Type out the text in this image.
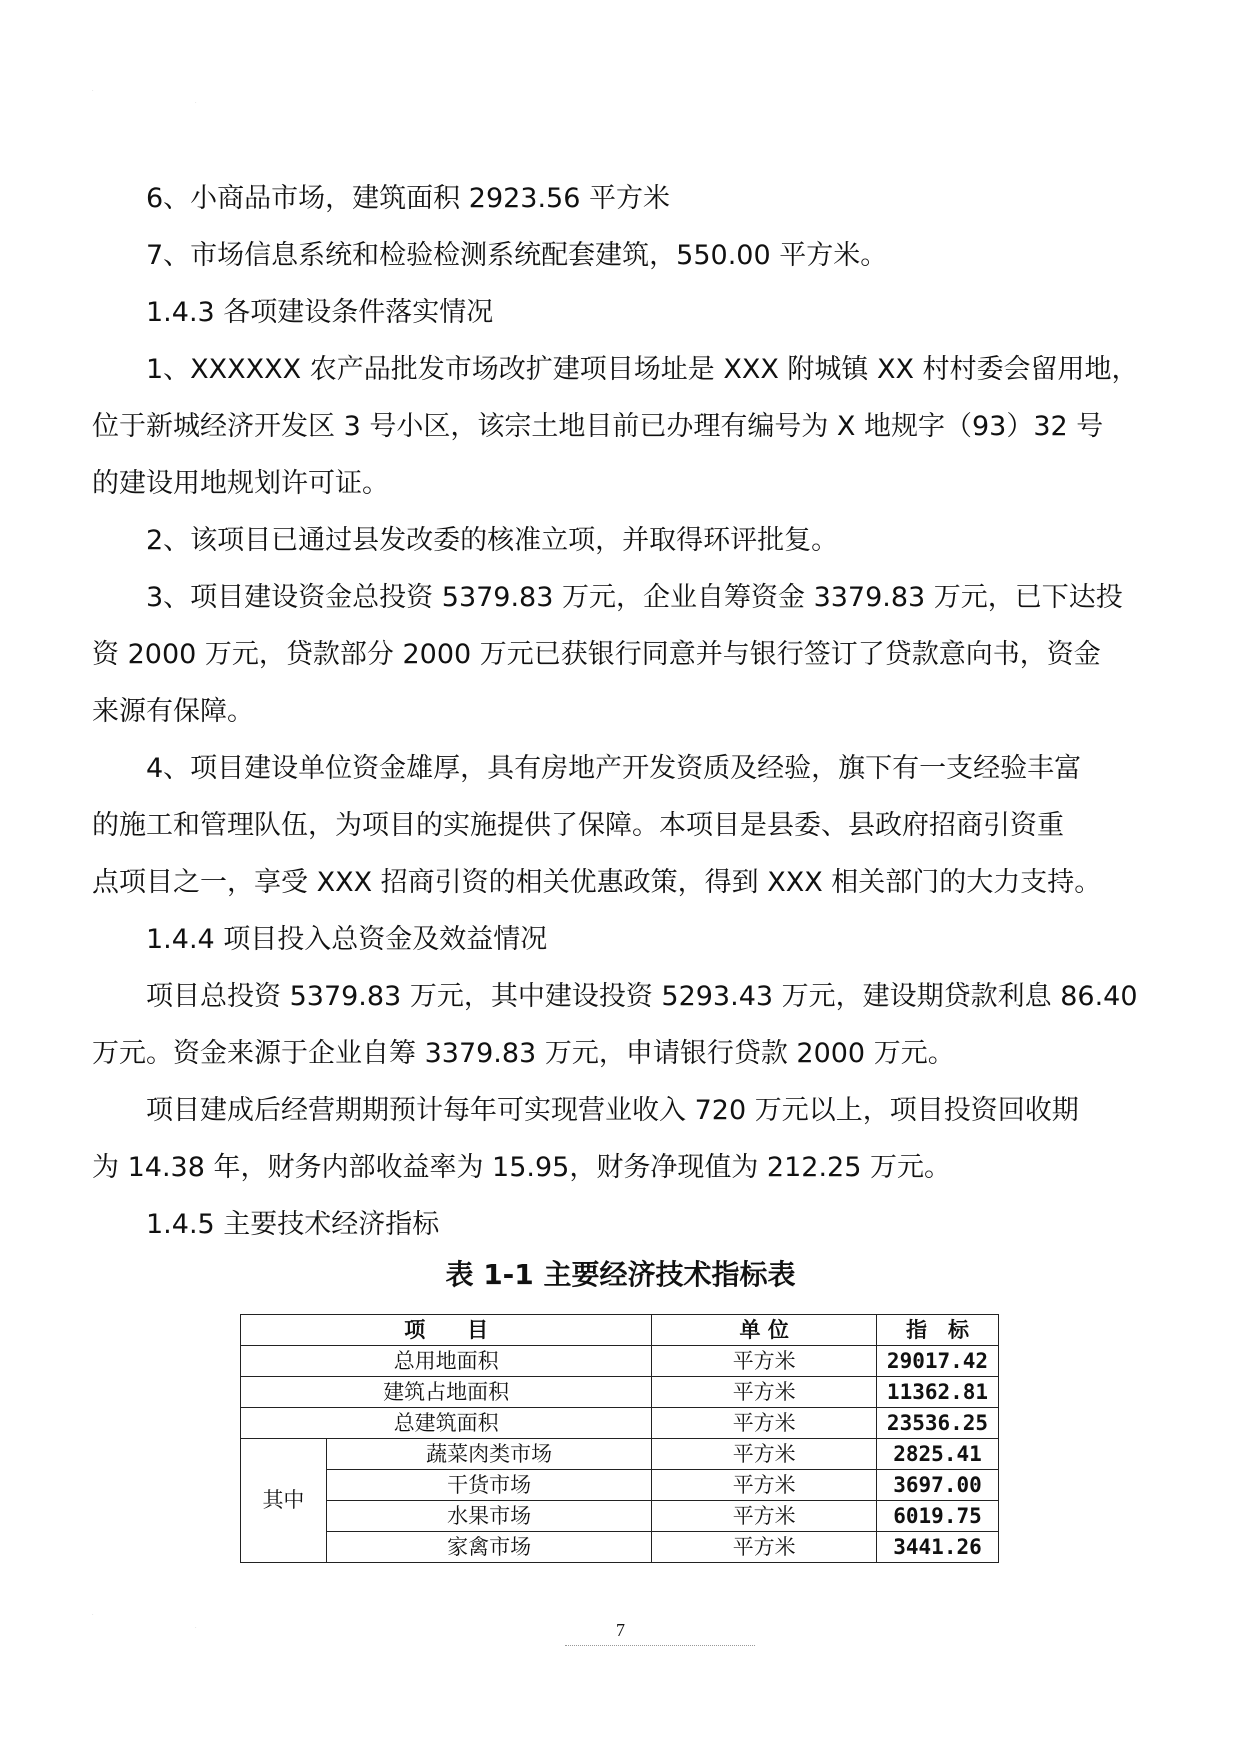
·
·

6、小商品市场，建筑面积 2923.56 平方米

7、市场信息系统和检验检测系统配套建筑，550.00 平方米。

1.4.3 各项建设条件落实情况

1、XXXXXX 农产品批发市场改扩建项目场址是 XXX 附城镇 XX 村村委会留用地，
位于新城经济开发区 3 号小区，该宗土地目前已办理有编号为 X 地规字（93）32 号
的建设用地规划许可证。

2、该项目已通过县发改委的核准立项，并取得环评批复。

3、项目建设资金总投资 5379.83 万元，企业自筹资金 3379.83 万元，已下达投
资 2000 万元，贷款部分 2000 万元已获银行同意并与银行签订了贷款意向书，资金
来源有保障。
4、项目建设单位资金雄厚，具有房地产开发资质及经验，旗下有一支经验丰富
的施工和管理队伍，为项目的实施提供了保障。本项目是县委、县政府招商引资重
点项目之一，享受 XXX 招商引资的相关优惠政策，得到 XXX 相关部门的大力支持。

1.4.4 项目投入总资金及效益情况

项目总投资 5379.83 万元，其中建设投资 5293.43 万元，建设期贷款利息 86.40
万元。资金来源于企业自筹 3379.83 万元，申请银行贷款 2000 万元。
项目建成后经营期期预计每年可实现营业收入 720 万元以上，项目投资回收期
为 14.38 年，财务内部收益率为 15.95，财务净现值为 212.25 万元。

1.4.5 主要技术经济指标

表 1-1 主要经济技术指标表
项　　目		单 位	指　标
总用地面积		平方米	29017.42
建筑占地面积		平方米	11362.81
总建筑面积		平方米	23536.25
其中	蔬菜肉类市场	平方米	2825.41
	干货市场	平方米	3697.00
	水果市场	平方米	6019.75
	家禽市场	平方米	3441.26
·
·	7
